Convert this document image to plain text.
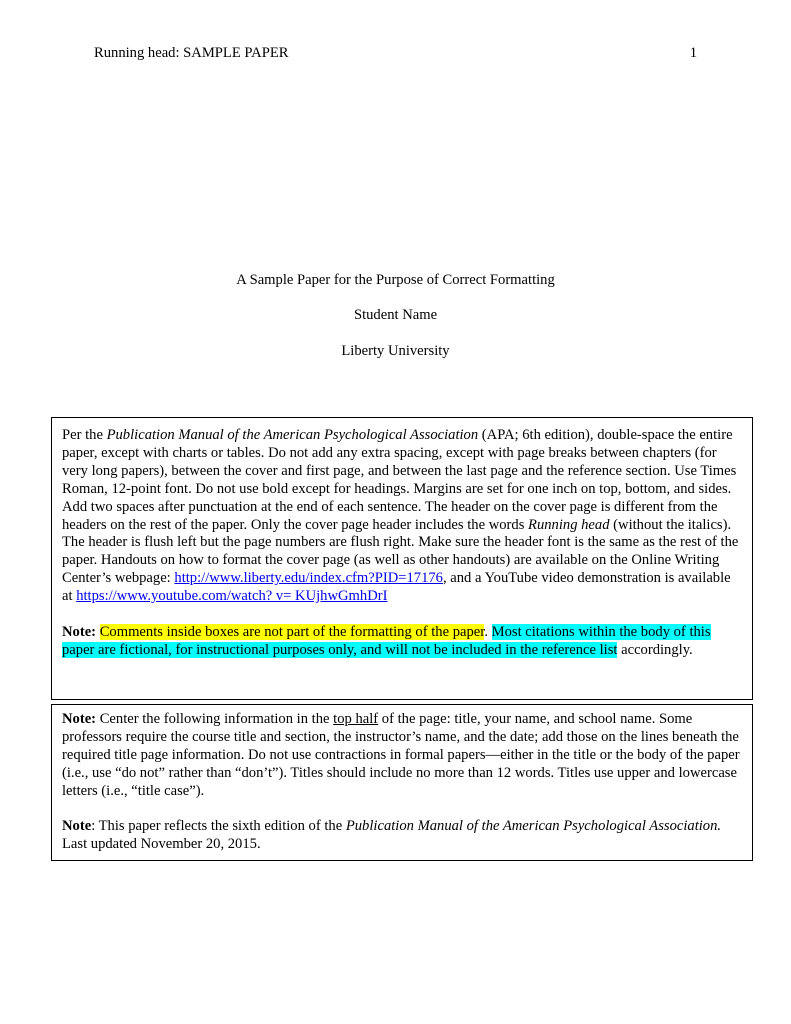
Running head: SAMPLE PAPER	1
A Sample Paper for the Purpose of Correct Formatting
Student Name
Liberty University

Per the Publication Manual of the American Psychological Association (APA; 6th edition), double-space the entire paper, except with charts or tables. Do not add any extra spacing, except with page breaks between chapters (for very long papers), between the cover and first page, and between the last page and the reference section. Use Times Roman, 12-point font. Do not use bold except for headings. Margins are set for one inch on top, bottom, and sides. Add two spaces after punctuation at the end of each sentence. The header on the cover page is different from the headers on the rest of the paper. Only the cover page header includes the words Running head (without the italics). The header is flush left but the page numbers are flush right. Make sure the header font is the same as the rest of the paper. Handouts on how to format the cover page (as well as other handouts) are available on the Online Writing Center’s webpage: http://www.liberty.edu/index.cfm?PID=17176, and a YouTube video demonstration is available at https://www.youtube.com/watch? v= KUjhwGmhDrI

Note: Comments inside boxes are not part of the formatting of the paper. Most citations within the body of this paper are fictional, for instructional purposes only, and will not be included in the reference list accordingly.

Note: Center the following information in the top half of the page: title, your name, and school name. Some professors require the course title and section, the instructor’s name, and the date; add those on the lines beneath the required title page information. Do not use contractions in formal papers—either in the title or the body of the paper (i.e., use “do not” rather than “don’t”). Titles should include no more than 12 words. Titles use upper and lowercase letters (i.e., “title case”).

Note: This paper reflects the sixth edition of the Publication Manual of the American Psychological Association. Last updated November 20, 2015.
